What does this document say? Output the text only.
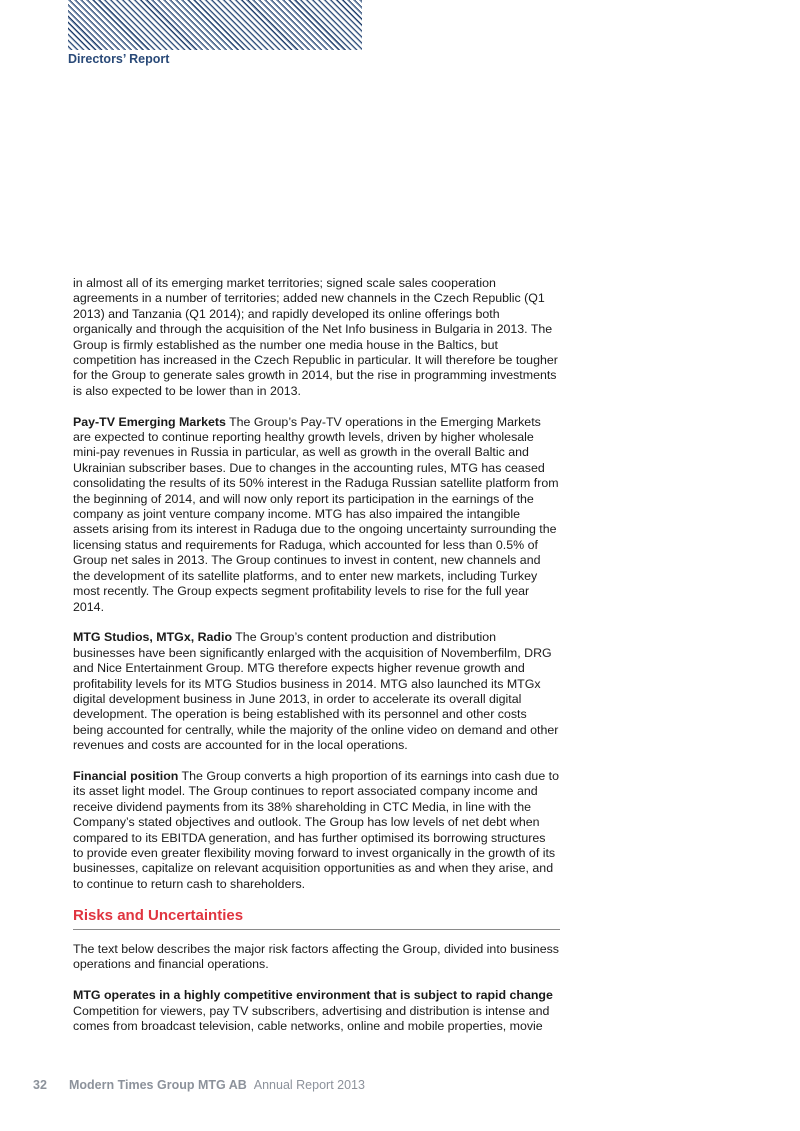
Directors’ Report

in almost all of its emerging market territories; signed scale sales cooperation agreements in a number of territories; added new channels in the Czech Republic (Q1 2013) and Tanzania (Q1 2014); and rapidly developed its online offerings both organically and through the acquisition of the Net Info business in Bulgaria in 2013. The Group is firmly established as the number one media house in the Baltics, but competition has increased in the Czech Republic in particular. It will therefore be tougher for the Group to generate sales growth in 2014, but the rise in programming investments is also expected to be lower than in 2013.

Pay-TV Emerging Markets The Group’s Pay-TV operations in the Emerging Markets are expected to continue reporting healthy growth levels, driven by higher wholesale mini-pay revenues in Russia in particular, as well as growth in the overall Baltic and Ukrainian subscriber bases. Due to changes in the accounting rules, MTG has ceased consolidating the results of its 50% interest in the Raduga Russian satellite platform from the beginning of 2014, and will now only report its participation in the earnings of the company as joint venture company income. MTG has also impaired the intangible assets arising from its interest in Raduga due to the ongoing uncertainty surrounding the licensing status and requirements for Raduga, which accounted for less than 0.5% of Group net sales in 2013. The Group continues to invest in content, new channels and the development of its satellite platforms, and to enter new markets, including Turkey most recently. The Group expects segment profitability levels to rise for the full year 2014.

MTG Studios, MTGx, Radio The Group’s content production and distribution businesses have been significantly enlarged with the acquisition of Novemberfilm, DRG and Nice Entertainment Group. MTG therefore expects higher revenue growth and profitability levels for its MTG Studios business in 2014. MTG also launched its MTGx digital development business in June 2013, in order to accelerate its overall digital development. The operation is being established with its personnel and other costs being accounted for centrally, while the majority of the online video on demand and other revenues and costs are accounted for in the local operations.

Financial position The Group converts a high proportion of its earnings into cash due to its asset light model. The Group continues to report associated company income and receive dividend payments from its 38% shareholding in CTC Media, in line with the Company’s stated objectives and outlook. The Group has low levels of net debt when compared to its EBITDA generation, and has further optimised its borrowing structures to provide even greater flexibility moving forward to invest organically in the growth of its businesses, capitalize on relevant acquisition opportunities as and when they arise, and to continue to return cash to shareholders.

Risks and Uncertainties

The text below describes the major risk factors affecting the Group, divided into business operations and financial operations.

MTG operates in a highly competitive environment that is subject to rapid change
Competition for viewers, pay TV subscribers, advertising and distribution is intense and comes from broadcast television, cable networks, online and mobile properties, movie

32 Modern Times Group MTG AB Annual Report 2013
